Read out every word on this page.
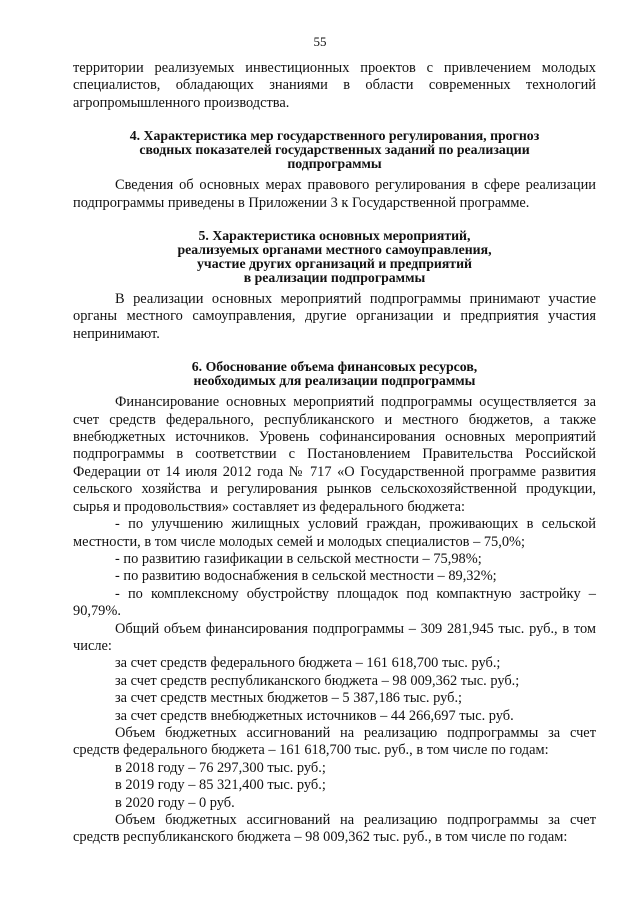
55

территории реализуемых инвестиционных проектов с привлечением молодых специалистов, обладающих знаниями в области современных технологий агропромышленного производства.

4. Характеристика мер государственного регулирования, прогноз сводных показателей государственных заданий по реализации подпрограммы

Сведения об основных мерах правового регулирования в сфере реализации подпрограммы приведены в Приложении 3 к Государственной программе.

5. Характеристика основных мероприятий,
реализуемых органами местного самоуправления,
участие других организаций и предприятий
в реализации подпрограммы

В реализации основных мероприятий подпрограммы принимают участие органы местного самоуправления, другие организации и предприятия участия непринимают.

6. Обоснование объема финансовых ресурсов,
необходимых для реализации подпрограммы

Финансирование основных мероприятий подпрограммы осуществляется за счет средств федерального, республиканского и местного бюджетов, а также внебюджетных источников. Уровень софинансирования основных мероприятий подпрограммы в соответствии с Постановлением Правительства Российской Федерации от 14 июля 2012 года № 717 «О Государственной программе развития сельского хозяйства и регулирования рынков сельскохозяйственной продукции, сырья и продовольствия» составляет из федерального бюджета:

- по улучшению жилищных условий граждан, проживающих в сельской местности, в том числе молодых семей и молодых специалистов – 75,0%;

- по развитию газификации в сельской местности – 75,98%;

- по развитию водоснабжения в сельской местности – 89,32%;

- по комплексному обустройству площадок под компактную застройку – 90,79%.

Общий объем финансирования подпрограммы – 309 281,945 тыс. руб., в том числе:

за счет средств федерального бюджета – 161 618,700 тыс. руб.;

за счет средств республиканского бюджета – 98 009,362 тыс. руб.;

за счет средств местных бюджетов – 5 387,186 тыс. руб.;

за счет средств внебюджетных источников – 44 266,697 тыс. руб.

Объем бюджетных ассигнований на реализацию подпрограммы за счет средств федерального бюджета – 161 618,700 тыс. руб., в том числе по годам:

в 2018 году – 76 297,300 тыс. руб.;

в 2019 году – 85 321,400 тыс. руб.;

в 2020 году – 0 руб.

Объем бюджетных ассигнований на реализацию подпрограммы за счет средств республиканского бюджета – 98 009,362 тыс. руб., в том числе по годам:
